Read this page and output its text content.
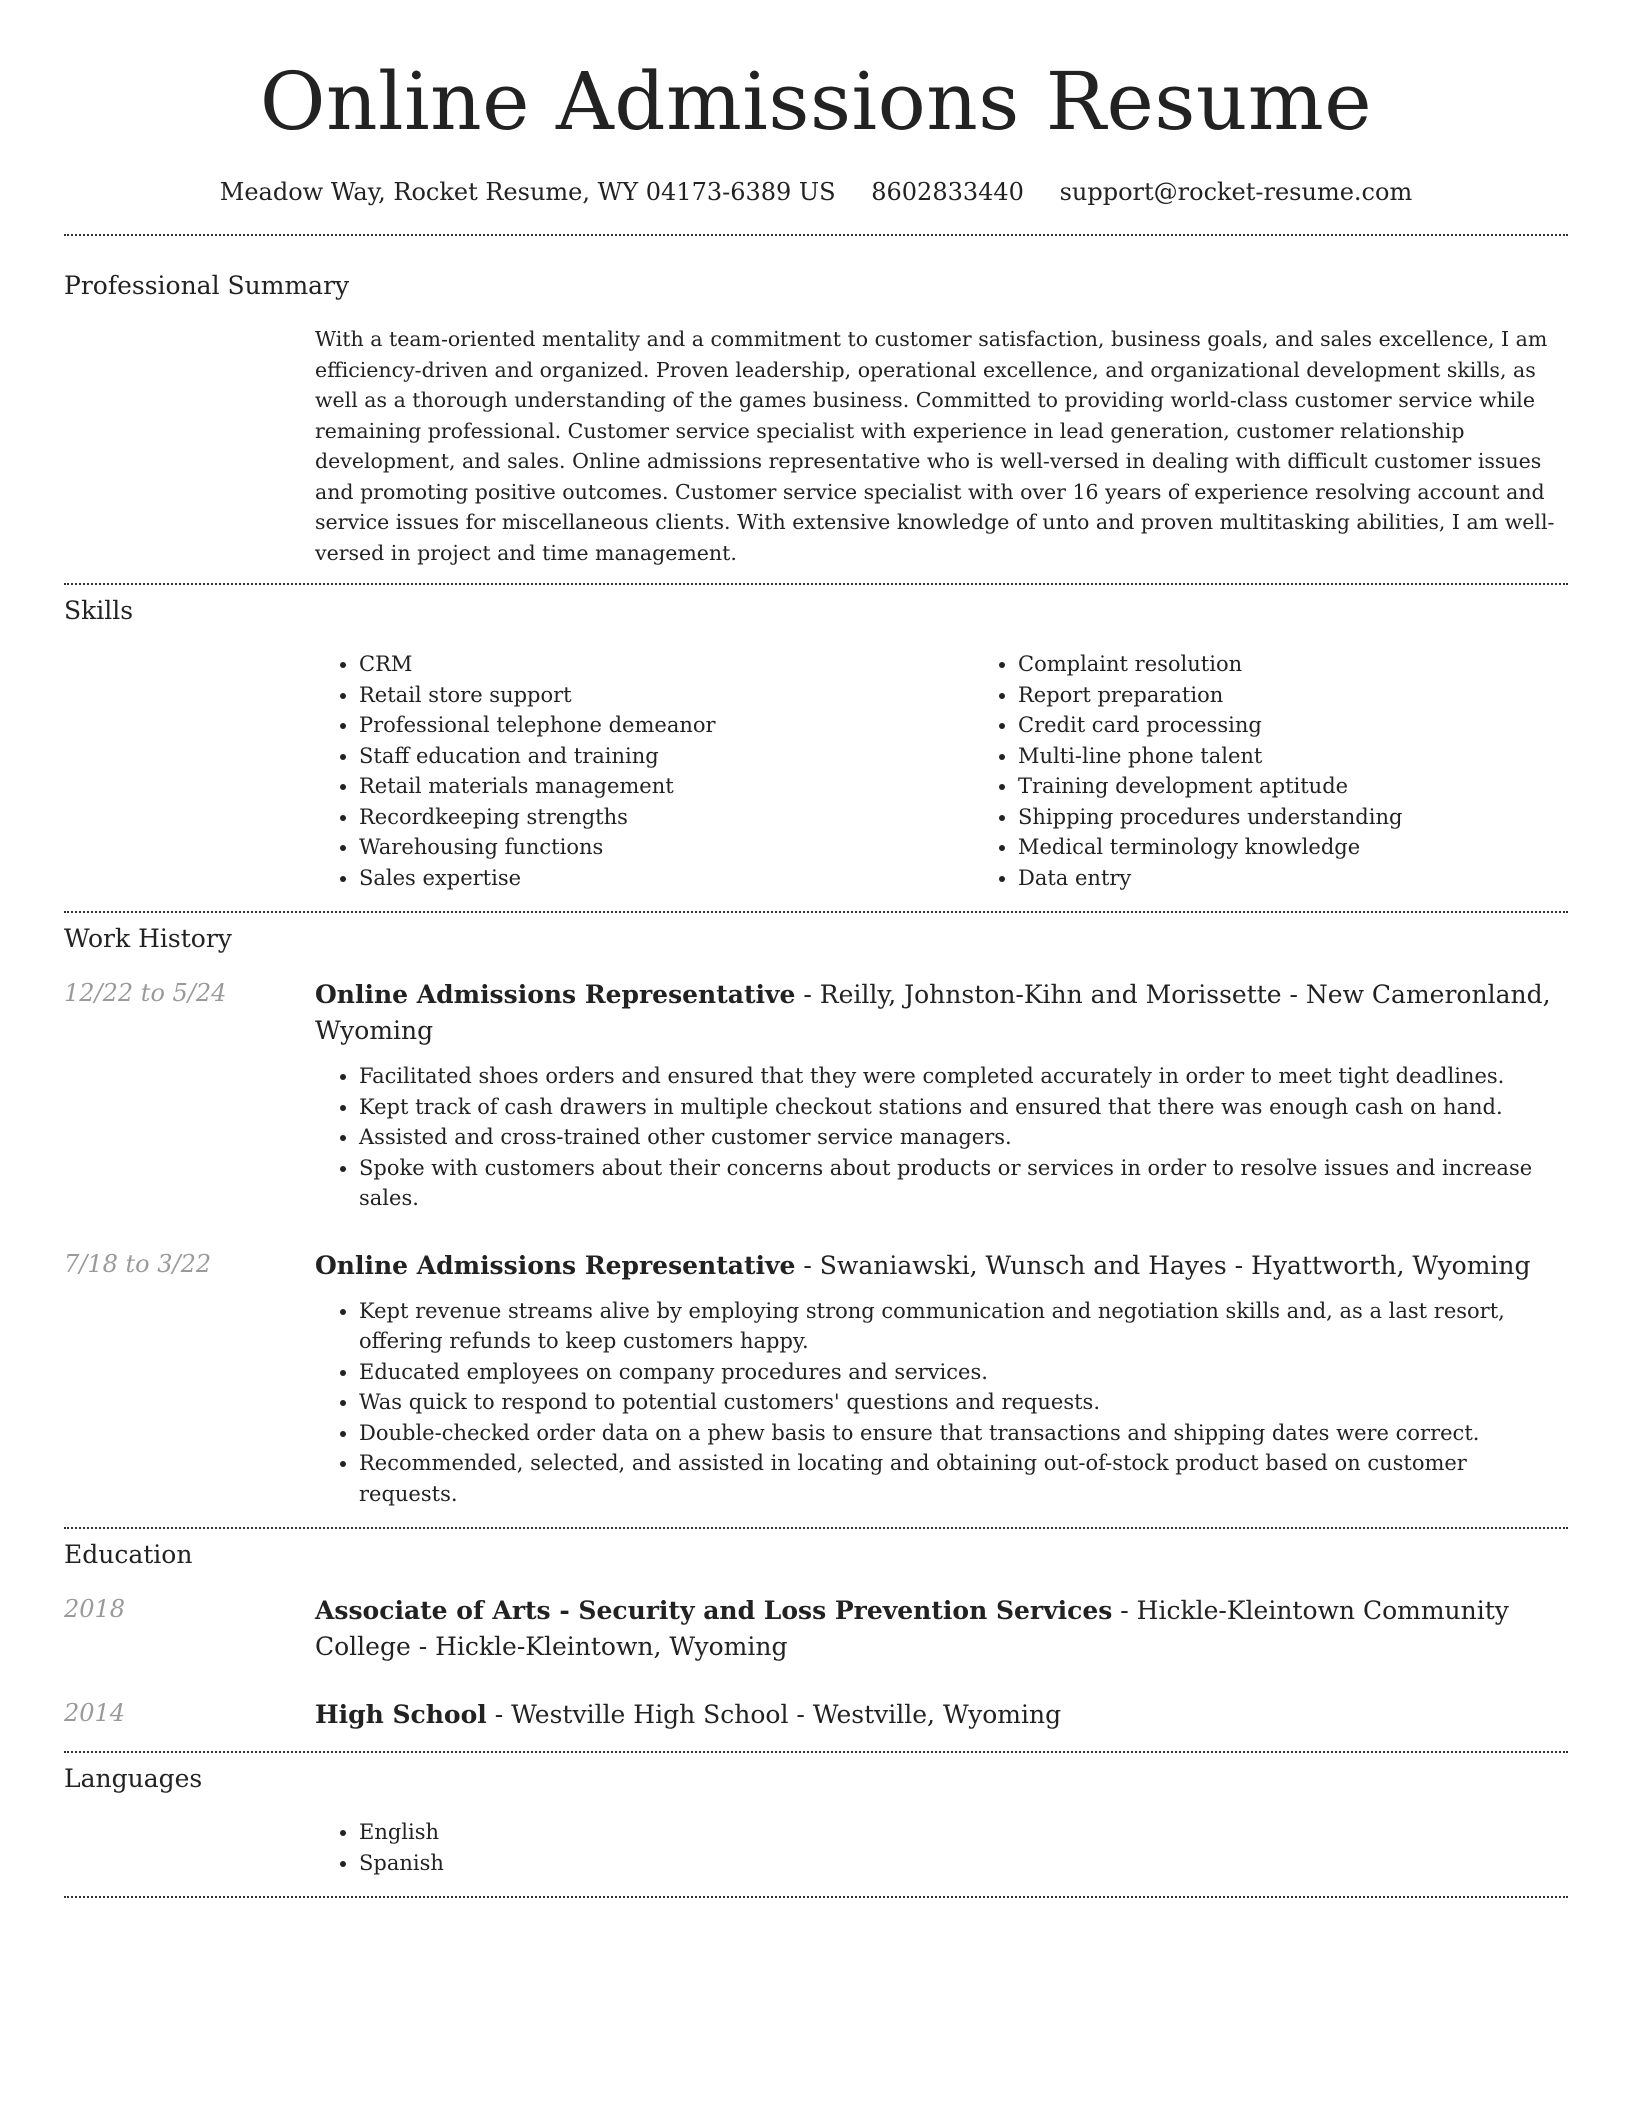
Online Admissions Resume
Meadow Way, Rocket Resume, WY 04173-6389 US 8602833440 support@rocket-resume.com
Professional Summary

With a team-oriented mentality and a commitment to customer satisfaction, business goals, and sales excellence, I am efficiency-driven and organized. Proven leadership, operational excellence, and organizational development skills, as well as a thorough understanding of the games business. Committed to providing world-class customer service while remaining professional. Customer service specialist with experience in lead generation, customer relationship development, and sales. Online admissions representative who is well-versed in dealing with difficult customer issues and promoting positive outcomes. Customer service specialist with over 16 years of experience resolving account and service issues for miscellaneous clients. With extensive knowledge of unto and proven multitasking abilities, I am well-versed in project and time management.

Skills
• CRM
• Retail store support
• Professional telephone demeanor
• Staff education and training
• Retail materials management
• Recordkeeping strengths
• Warehousing functions
• Sales expertise
• Complaint resolution
• Report preparation
• Credit card processing
• Multi-line phone talent
• Training development aptitude
• Shipping procedures understanding
• Medical terminology knowledge
• Data entry
Work History
12/22 to 5/24	Online Admissions Representative - Reilly, Johnston-Kihn and Morissette - New Cameronland, Wyoming

• Facilitated shoes orders and ensured that they were completed accurately in order to meet tight deadlines.
• Kept track of cash drawers in multiple checkout stations and ensured that there was enough cash on hand.
• Assisted and cross-trained other customer service managers.
• Spoke with customers about their concerns about products or services in order to resolve issues and increase sales.
7/18 to 3/22	Online Admissions Representative - Swaniawski, Wunsch and Hayes - Hyattworth, Wyoming

• Kept revenue streams alive by employing strong communication and negotiation skills and, as a last resort, offering refunds to keep customers happy.
• Educated employees on company procedures and services.
• Was quick to respond to potential customers' questions and requests.
• Double-checked order data on a phew basis to ensure that transactions and shipping dates were correct.
• Recommended, selected, and assisted in locating and obtaining out-of-stock product based on customer requests.
Education
2018	Associate of Arts - Security and Loss Prevention Services - Hickle-Kleintown Community College - Hickle-Kleintown, Wyoming

2014	High School - Westville High School - Westville, Wyoming

Languages
• English
• Spanish
